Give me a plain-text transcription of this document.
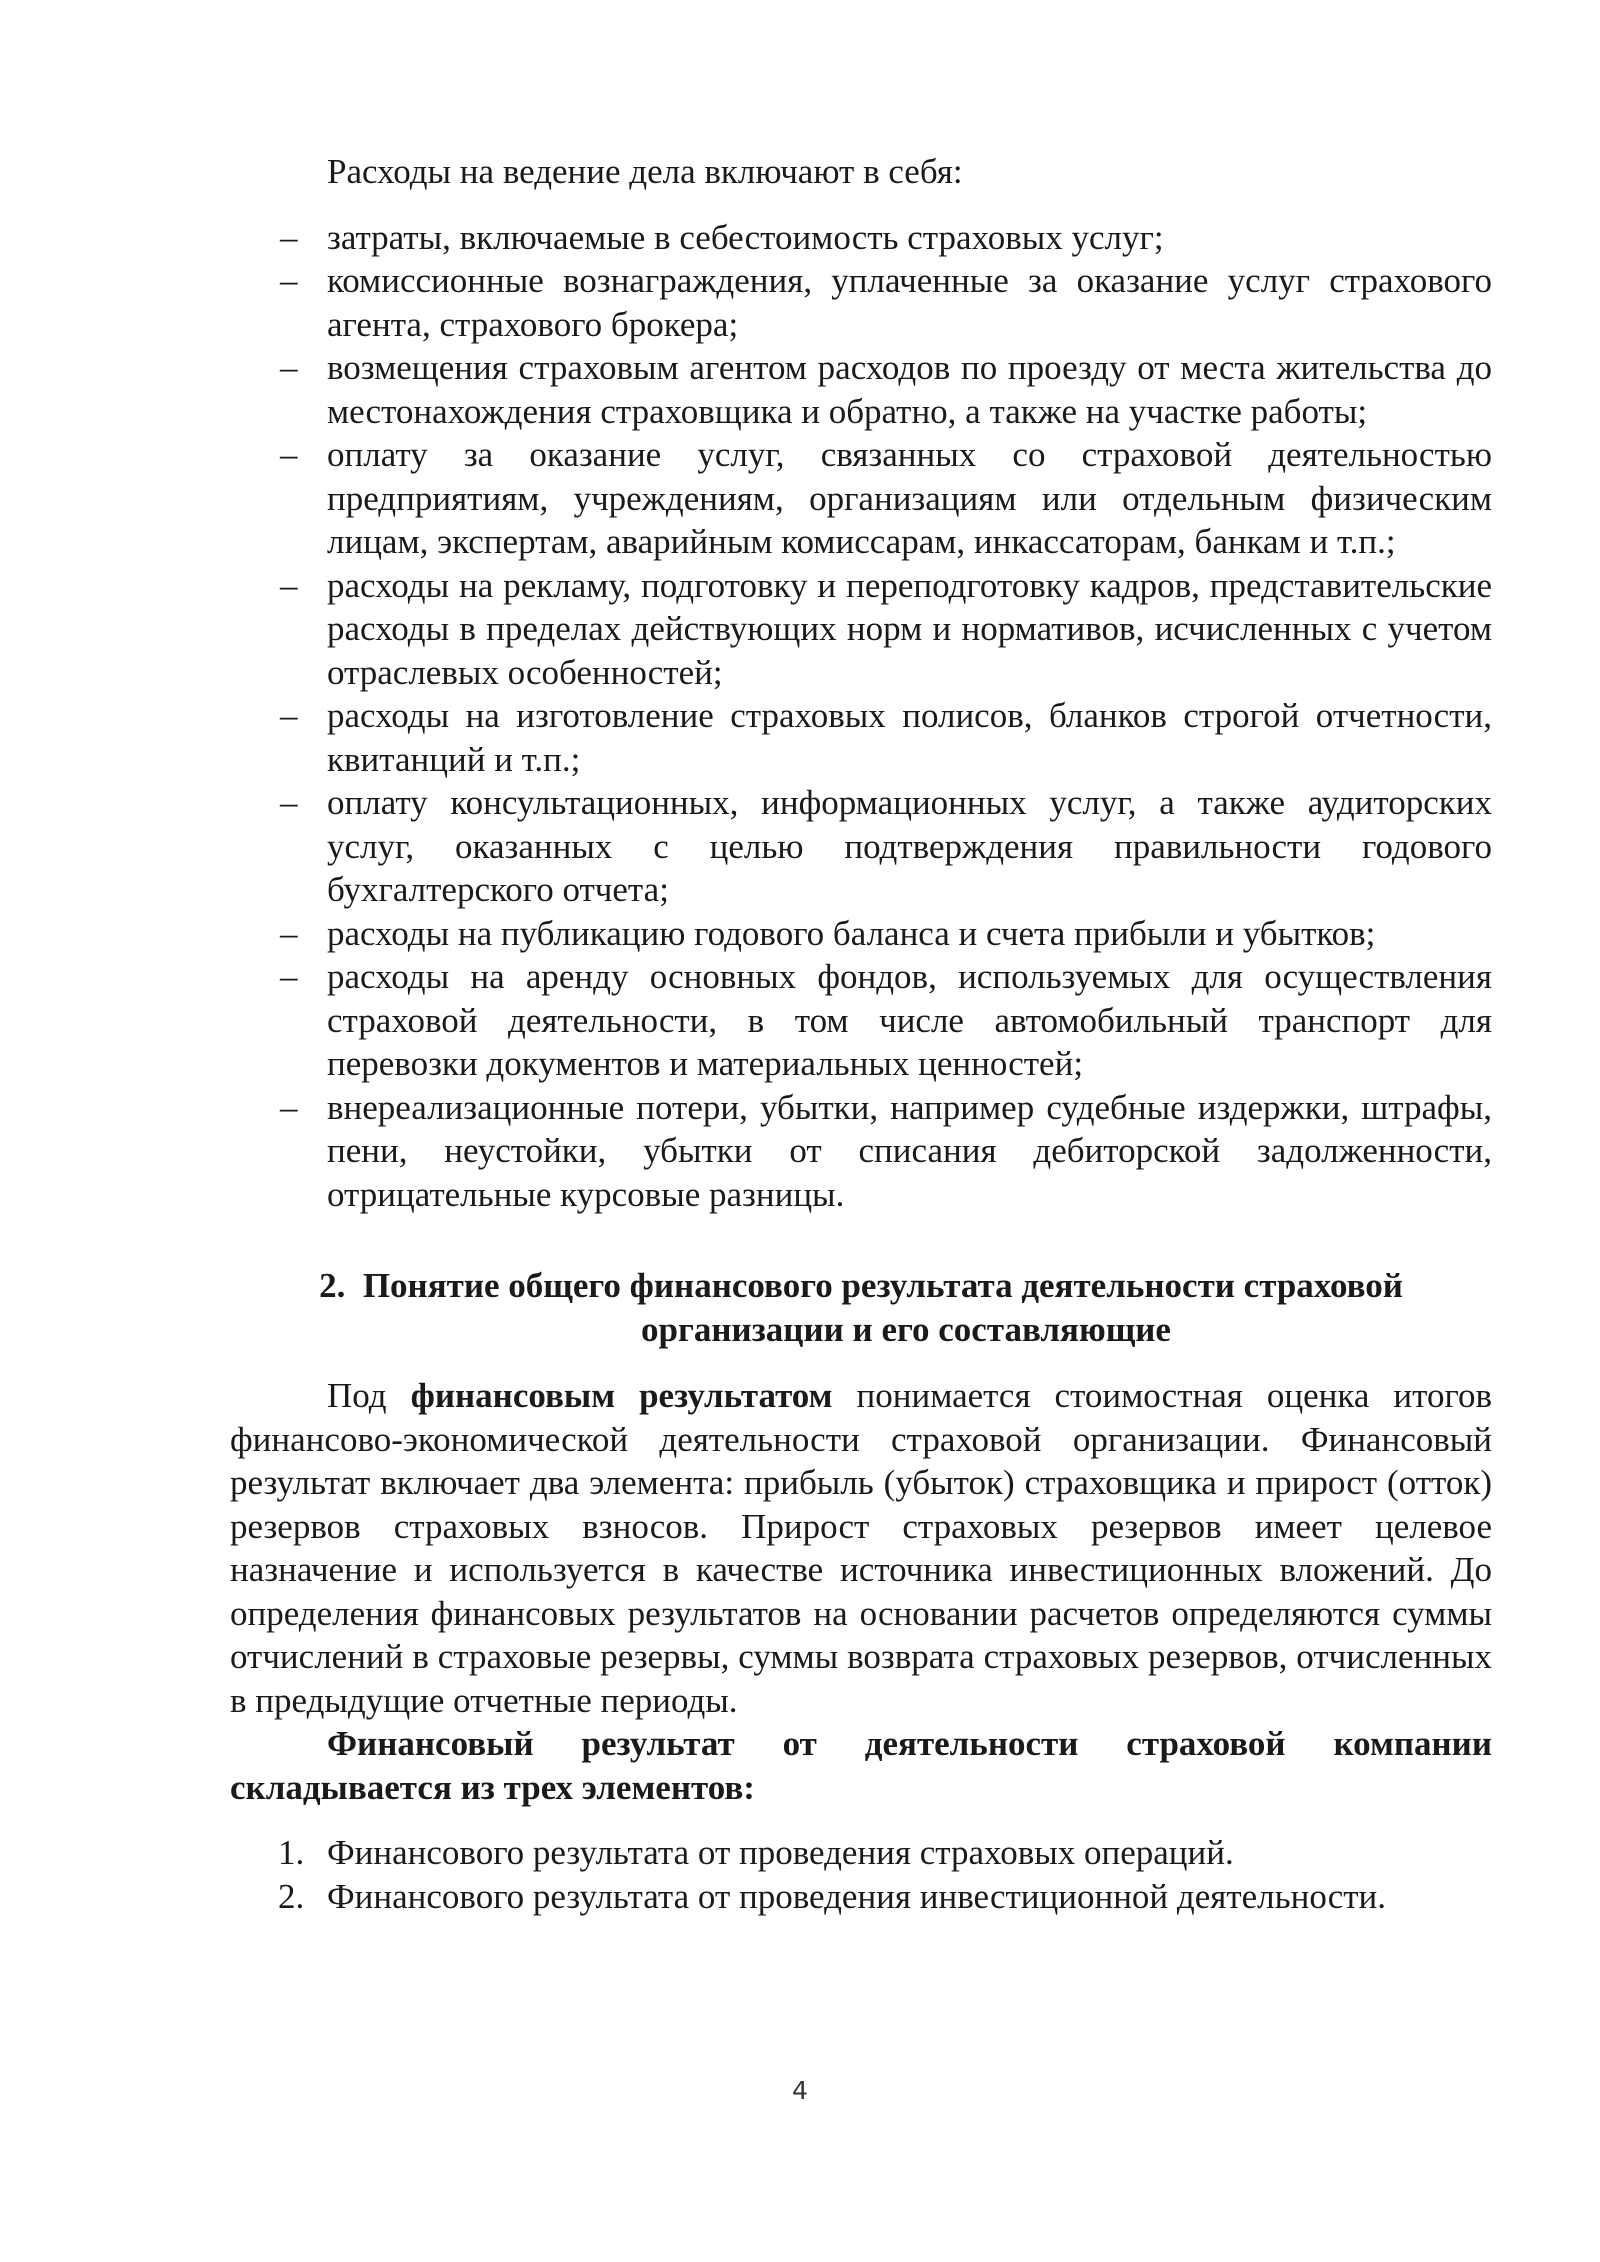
Расходы на ведение дела включают в себя:

– затраты, включаемые в себестоимость страховых услуг;
– комиссионные вознаграждения, уплаченные за оказание услуг страхового агента, страхового брокера;
– возмещения страховым агентом расходов по проезду от места жительства до местонахождения страховщика и обратно, а также на участке работы;
– оплату за оказание услуг, связанных со страховой деятельностью предприятиям, учреждениям, организациям или отдельным физическим лицам, экспертам, аварийным комиссарам, инкассаторам, банкам и т.п.;
– расходы на рекламу, подготовку и переподготовку кадров, представительские расходы в пределах действующих норм и нормативов, исчисленных с учетом отраслевых особенностей;
– расходы на изготовление страховых полисов, бланков строгой отчетности, квитанций и т.п.;
– оплату консультационных, информационных услуг, а также аудиторских услуг, оказанных с целью подтверждения правильности годового бухгалтерского отчета;
– расходы на публикацию годового баланса и счета прибыли и убытков;
– расходы на аренду основных фондов, используемых для осуществления страховой деятельности, в том числе автомобильный транспорт для перевозки документов и материальных ценностей;
– внереализационные потери, убытки, например судебные издержки, штрафы, пени, неустойки, убытки от списания дебиторской задолженности, отрицательные курсовые разницы.
2. Понятие общего финансового результата деятельности страховой
организации и его составляющие

Под финансовым результатом понимается стоимостная оценка итогов финансово-экономической деятельности страховой организации. Финансовый результат включает два элемента: прибыль (убыток) страховщика и прирост (отток) резервов страховых взносов. Прирост страховых резервов имеет целевое назначение и используется в качестве источника инвестиционных вложений. До определения финансовых результатов на основании расчетов определяются суммы отчислений в страховые резервы, суммы возврата страховых резервов, отчисленных в предыдущие отчетные периоды.

Финансовый результат от деятельности страховой компании складывается из трех элементов:

1. Финансового результата от проведения страховых операций.
2. Финансового результата от проведения инвестиционной деятельности.
4
